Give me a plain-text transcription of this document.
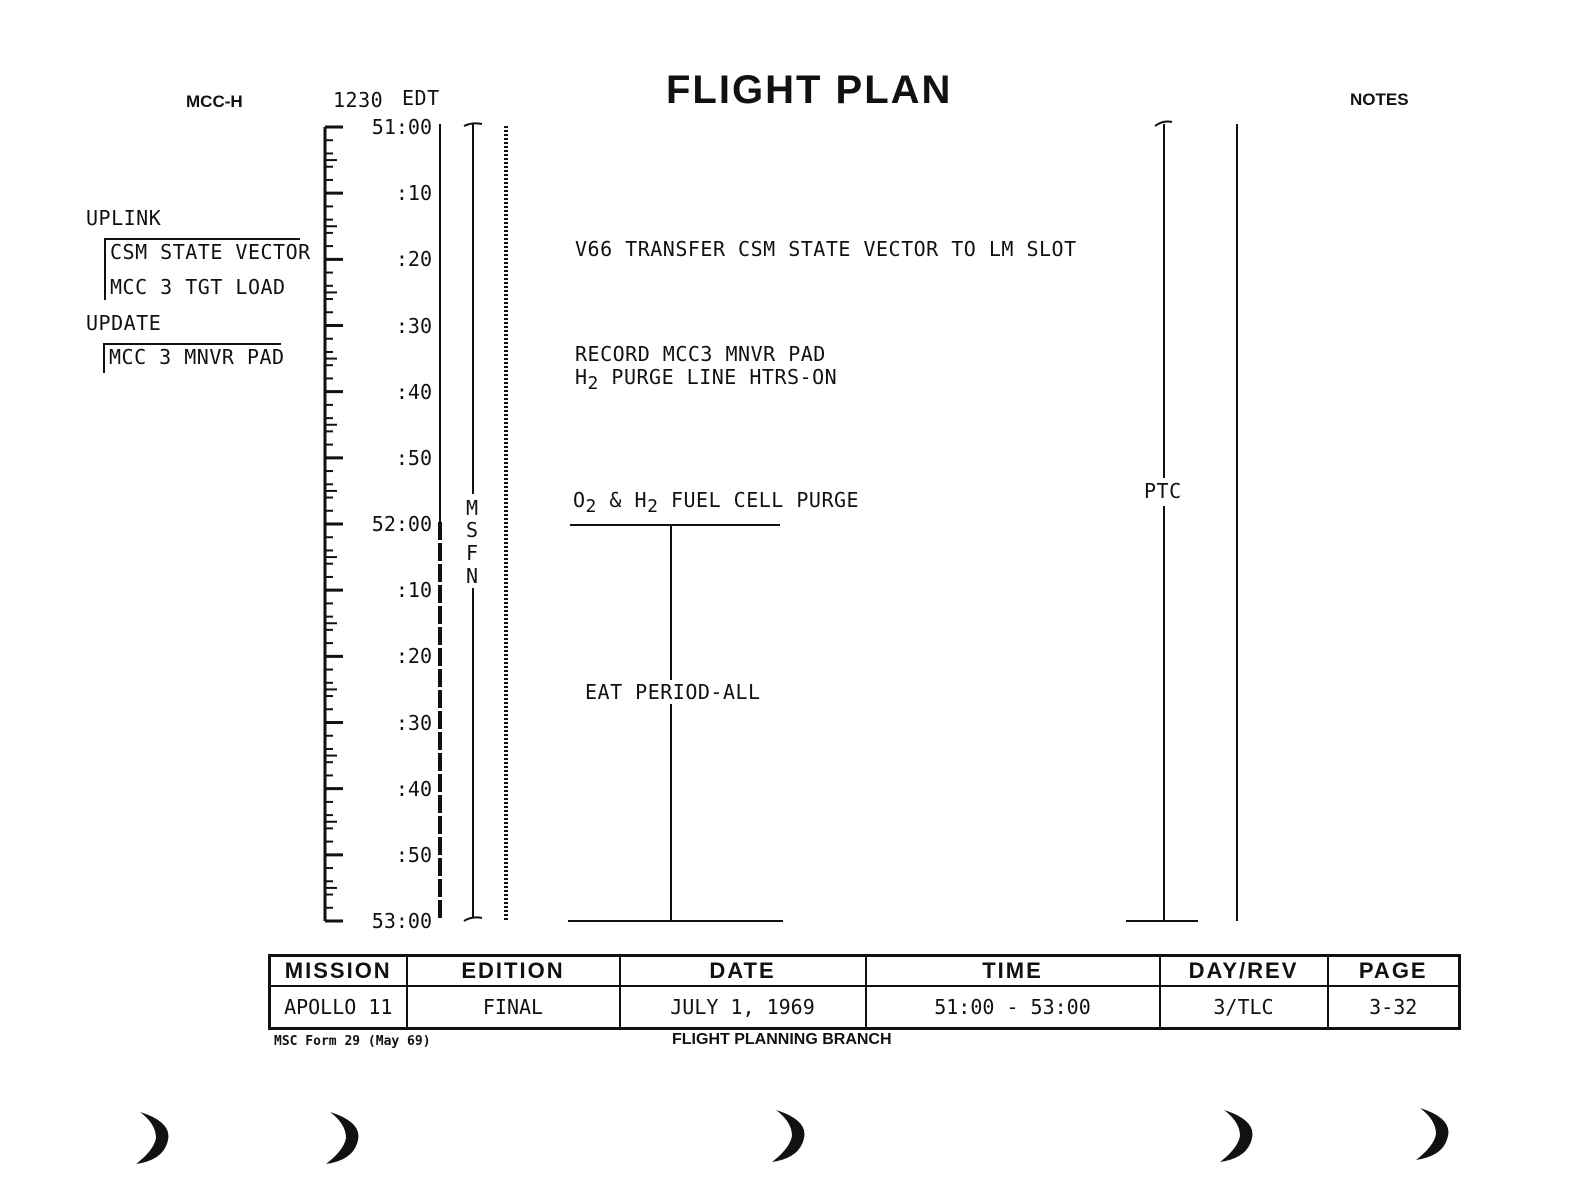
MCC-H	1230 EDT	FLIGHT PLAN	NOTES
UPLINK
CSM STATE VECTOR
MCC 3 TGT LOAD
UPDATE
MCC 3 MNVR PAD
51:00
:10
:20
:30
:40
:50
52:00
:10
:20
:30
:40
:50
53:00
M
S
F
N
PTC
V66 TRANSFER CSM STATE VECTOR TO LM SLOT
RECORD MCC3 MNVR PAD
$H_2$ PURGE LINE HTRS-ON
$O_2$ & $H_2$ FUEL CELL PURGE
EAT PERIOD-ALL
MISSION	EDITION	DATE	TIME	DAY/REV	PAGE
APOLLO 11	FINAL	JULY 1, 1969	51:00 - 53:00	3/TLC	3-32
MSC Form 29 (May 69)	FLIGHT PLANNING BRANCH
